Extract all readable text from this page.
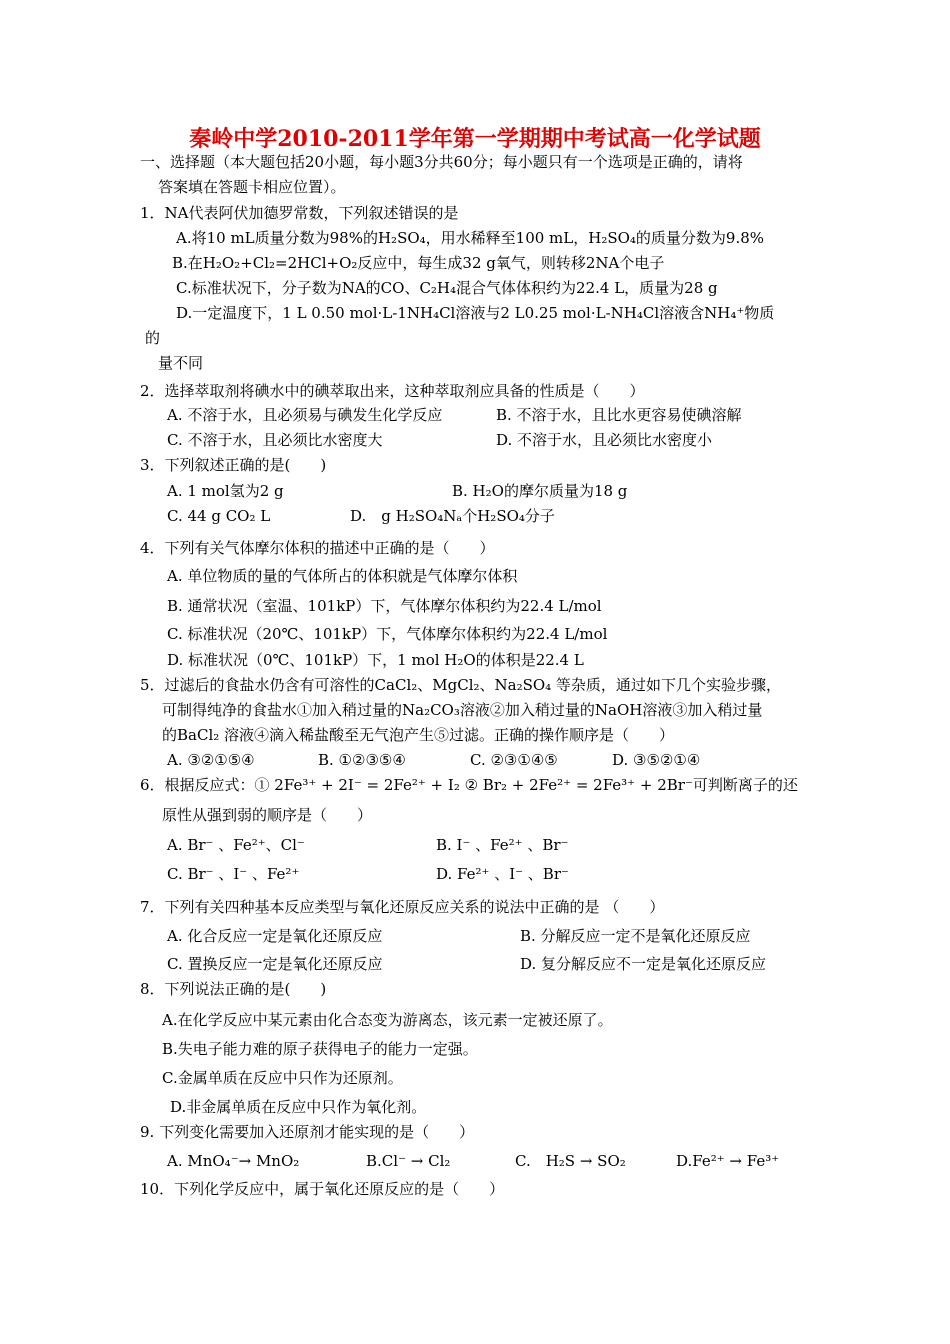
秦岭中学2010-2011学年第一学期期中考试高一化学试题
一、选择题（本大题包括20小题，每小题3分共60分；每小题只有一个选项是正确的，请将
答案填在答题卡相应位置）。
1．NA代表阿伏加德罗常数，下列叙述错误的是
A.将10 mL质量分数为98%的H₂SO₄，用水稀释至100 mL，H₂SO₄的质量分数为9.8%
B.在H₂O₂+Cl₂=2HCl+O₂反应中，每生成32 g氧气，则转移2NA个电子
C.标准状况下，分子数为NA的CO、C₂H₄混合气体体积约为22.4 L，质量为28 g
D.一定温度下，1 L 0.50 mol·L-1NH₄Cl溶液与2 L0.25 mol·L-NH₄Cl溶液含NH₄⁺物质
的
量不同
2．选择萃取剂将碘水中的碘萃取出来，这种萃取剂应具备的性质是（　　）
A. 不溶于水，且必须易与碘发生化学反应	B. 不溶于水，且比水更容易使碘溶解
C. 不溶于水，且必须比水密度大	D. 不溶于水，且必须比水密度小
3．下列叙述正确的是(　　)
A. 1 mol氢为2 g	B. H₂O的摩尔质量为18 g
C. 44 g CO₂ L	D.　g H₂SO₄Nₐ个H₂SO₄分子
4．下列有关气体摩尔体积的描述中正确的是（　　）
A. 单位物质的量的气体所占的体积就是气体摩尔体积
B. 通常状况（室温、101kP）下，气体摩尔体积约为22.4 L/mol
C. 标准状况（20℃、101kP）下，气体摩尔体积约为22.4 L/mol
D. 标准状况（0℃、101kP）下，1 mol H₂O的体积是22.4 L
5．过滤后的食盐水仍含有可溶性的CaCl₂、MgCl₂、Na₂SO₄ 等杂质，通过如下几个实验步骤，
可制得纯净的食盐水①加入稍过量的Na₂CO₃溶液②加入稍过量的NaOH溶液③加入稍过量
的BaCl₂ 溶液④滴入稀盐酸至无气泡产生⑤过滤。正确的操作顺序是（　　）
A. ③②①⑤④	B. ①②③⑤④	C. ②③①④⑤	D. ③⑤②①④
6．根据反应式：① 2Fe³⁺ + 2I⁻ = 2Fe²⁺ + I₂ ② Br₂ + 2Fe²⁺ = 2Fe³⁺ + 2Br⁻可判断离子的还
原性从强到弱的顺序是（　　）
A. Br⁻ 、Fe²⁺、Cl⁻	B. I⁻ 、Fe²⁺ 、Br⁻
C. Br⁻ 、I⁻ 、Fe²⁺	D. Fe²⁺ 、I⁻ 、Br⁻
7．下列有关四种基本反应类型与氧化还原反应关系的说法中正确的是 （　　）
A. 化合反应一定是氧化还原反应	B. 分解反应一定不是氧化还原反应
C. 置换反应一定是氧化还原反应	D. 复分解反应不一定是氧化还原反应
8．下列说法正确的是(　　)
A.在化学反应中某元素由化合态变为游离态，该元素一定被还原了。
B.失电子能力难的原子获得电子的能力一定强。
C.金属单质在反应中只作为还原剂。
D.非金属单质在反应中只作为氧化剂。
9. 下列变化需要加入还原剂才能实现的是（　　）
A. MnO₄⁻→ MnO₂	B.Cl⁻ → Cl₂	C.　H₂S → SO₂	D.Fe²⁺ → Fe³⁺
10．下列化学反应中，属于氧化还原反应的是（　　）
